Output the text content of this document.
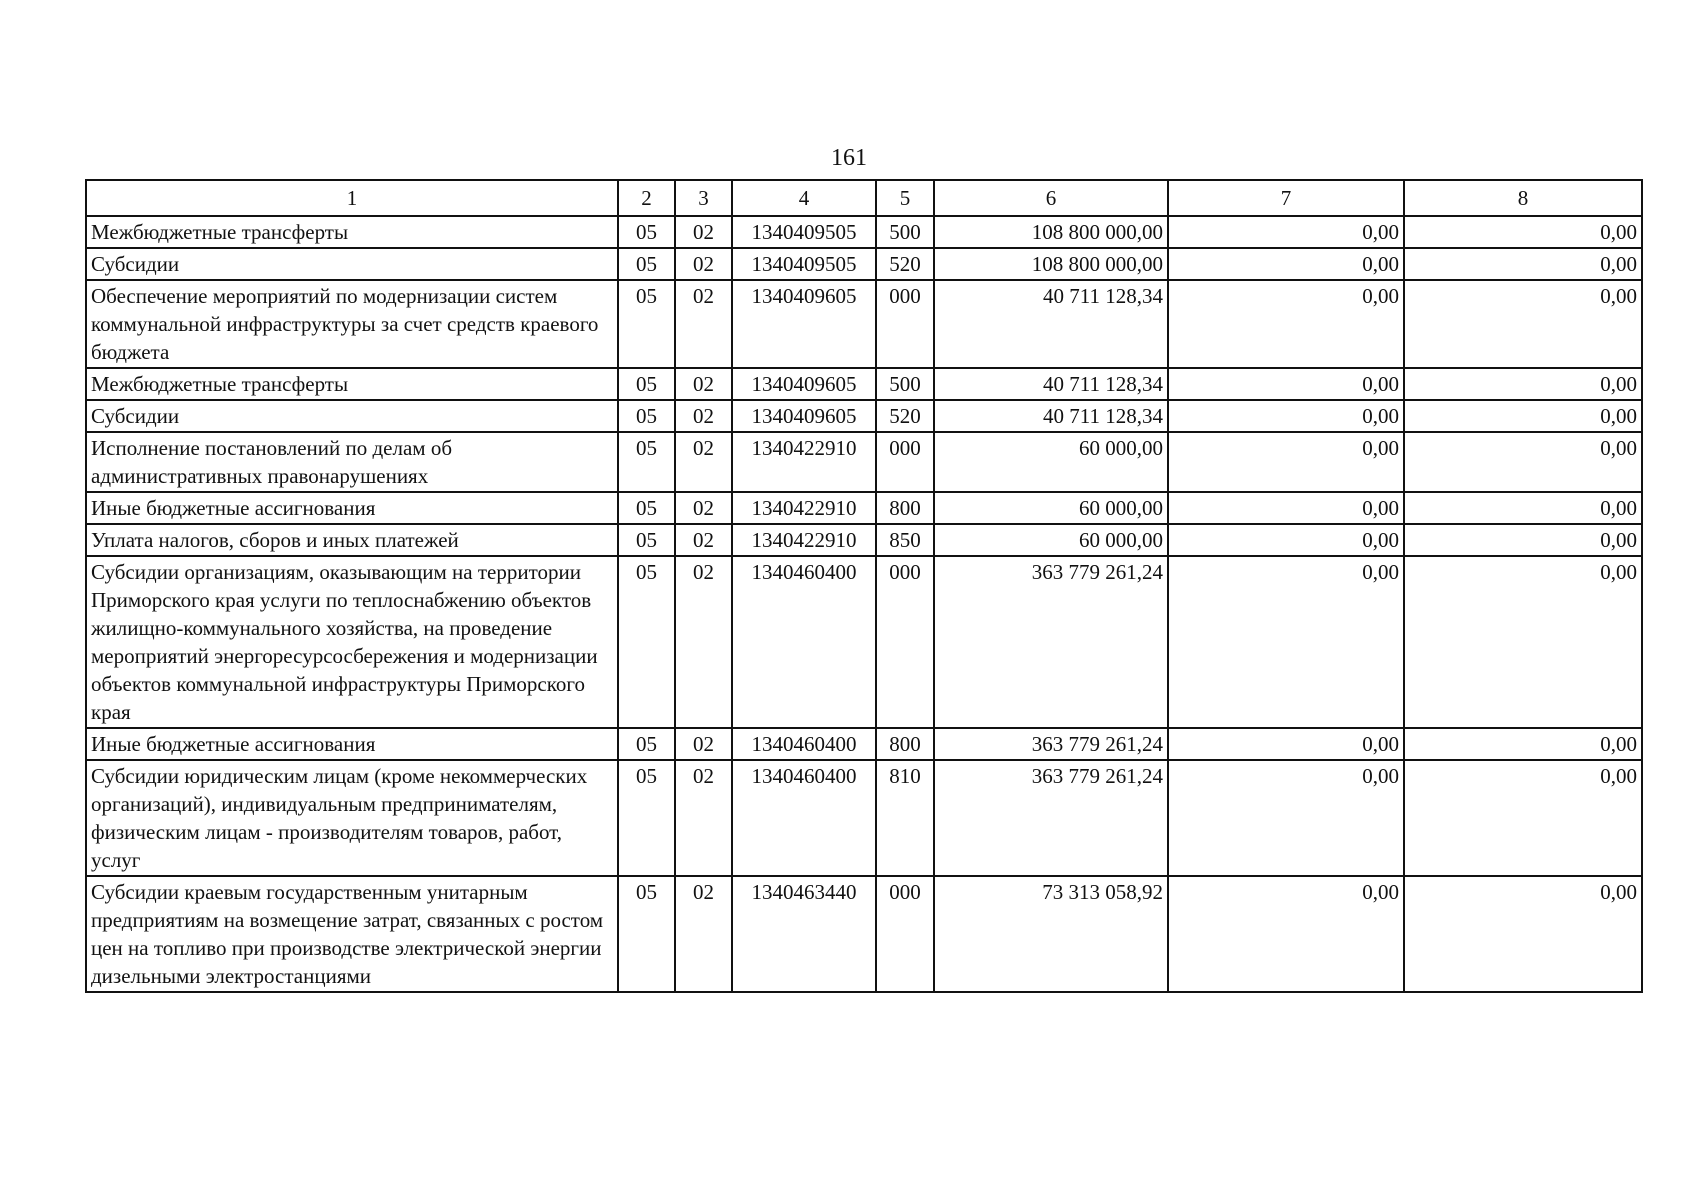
161
1	2	3	4	5	6	7	8
Межбюджетные трансферты	05	02	1340409505	500	108 800 000,00	0,00	0,00
Субсидии	05	02	1340409505	520	108 800 000,00	0,00	0,00
Обеспечение мероприятий по модернизации систем коммунальной инфраструктуры за счет средств краевого бюджета	05	02	1340409605	000	40 711 128,34	0,00	0,00
Межбюджетные трансферты	05	02	1340409605	500	40 711 128,34	0,00	0,00
Субсидии	05	02	1340409605	520	40 711 128,34	0,00	0,00
Исполнение постановлений по делам об административных правонарушениях	05	02	1340422910	000	60 000,00	0,00	0,00
Иные бюджетные ассигнования	05	02	1340422910	800	60 000,00	0,00	0,00
Уплата налогов, сборов и иных платежей	05	02	1340422910	850	60 000,00	0,00	0,00
Субсидии организациям, оказывающим на территории Приморского края услуги по теплоснабжению объектов жилищно-коммунального хозяйства, на проведение мероприятий энергоресурсосбережения и модернизации объектов коммунальной инфраструктуры Приморского края	05	02	1340460400	000	363 779 261,24	0,00	0,00
Иные бюджетные ассигнования	05	02	1340460400	800	363 779 261,24	0,00	0,00
Субсидии юридическим лицам (кроме некоммерческих организаций), индивидуальным предпринимателям, физическим лицам - производителям товаров, работ, услуг	05	02	1340460400	810	363 779 261,24	0,00	0,00
Субсидии краевым государственным унитарным предприятиям на возмещение затрат, связанных с ростом цен на топливо при производстве электрической энергии дизельными электростанциями	05	02	1340463440	000	73 313 058,92	0,00	0,00
